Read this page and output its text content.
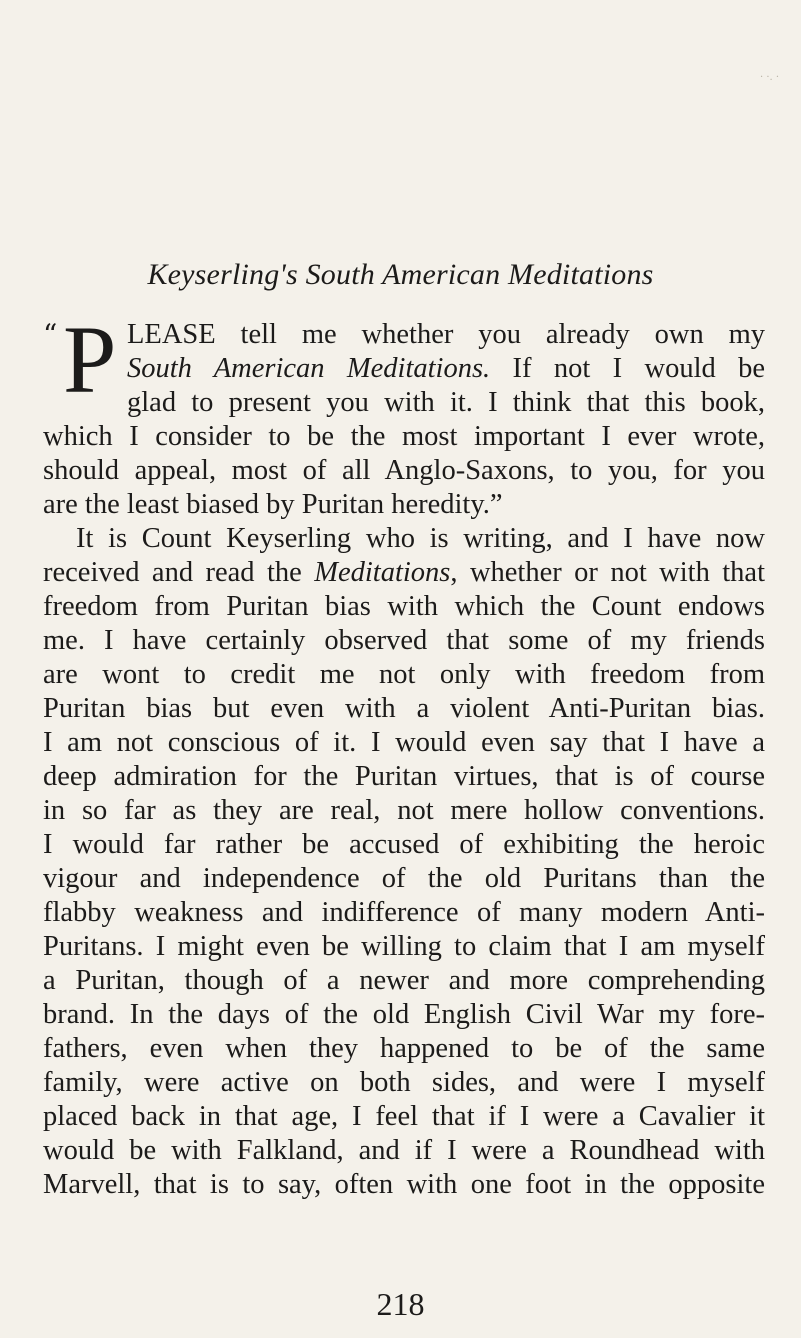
· ·. ·
Keyserling's South American Meditations
“ P LEASE tell me whether you already own my
South American Meditations. If not I would be
glad to present you with it. I think that this book,
which I consider to be the most important I ever wrote,
should appeal, most of all Anglo-Saxons, to you, for you
are the least biased by Puritan heredity.”
It is Count Keyserling who is writing, and I have now
received and read the Meditations, whether or not with that
freedom from Puritan bias with which the Count endows
me. I have certainly observed that some of my friends
are wont to credit me not only with freedom from
Puritan bias but even with a violent Anti-Puritan bias.
I am not conscious of it. I would even say that I have a
deep admiration for the Puritan virtues, that is of course
in so far as they are real, not mere hollow conventions.
I would far rather be accused of exhibiting the heroic
vigour and independence of the old Puritans than the
flabby weakness and indifference of many modern Anti-
Puritans. I might even be willing to claim that I am myself
a Puritan, though of a newer and more comprehending
brand. In the days of the old English Civil War my fore-
fathers, even when they happened to be of the same
family, were active on both sides, and were I myself
placed back in that age, I feel that if I were a Cavalier it
would be with Falkland, and if I were a Roundhead with
Marvell, that is to say, often with one foot in the opposite
218
